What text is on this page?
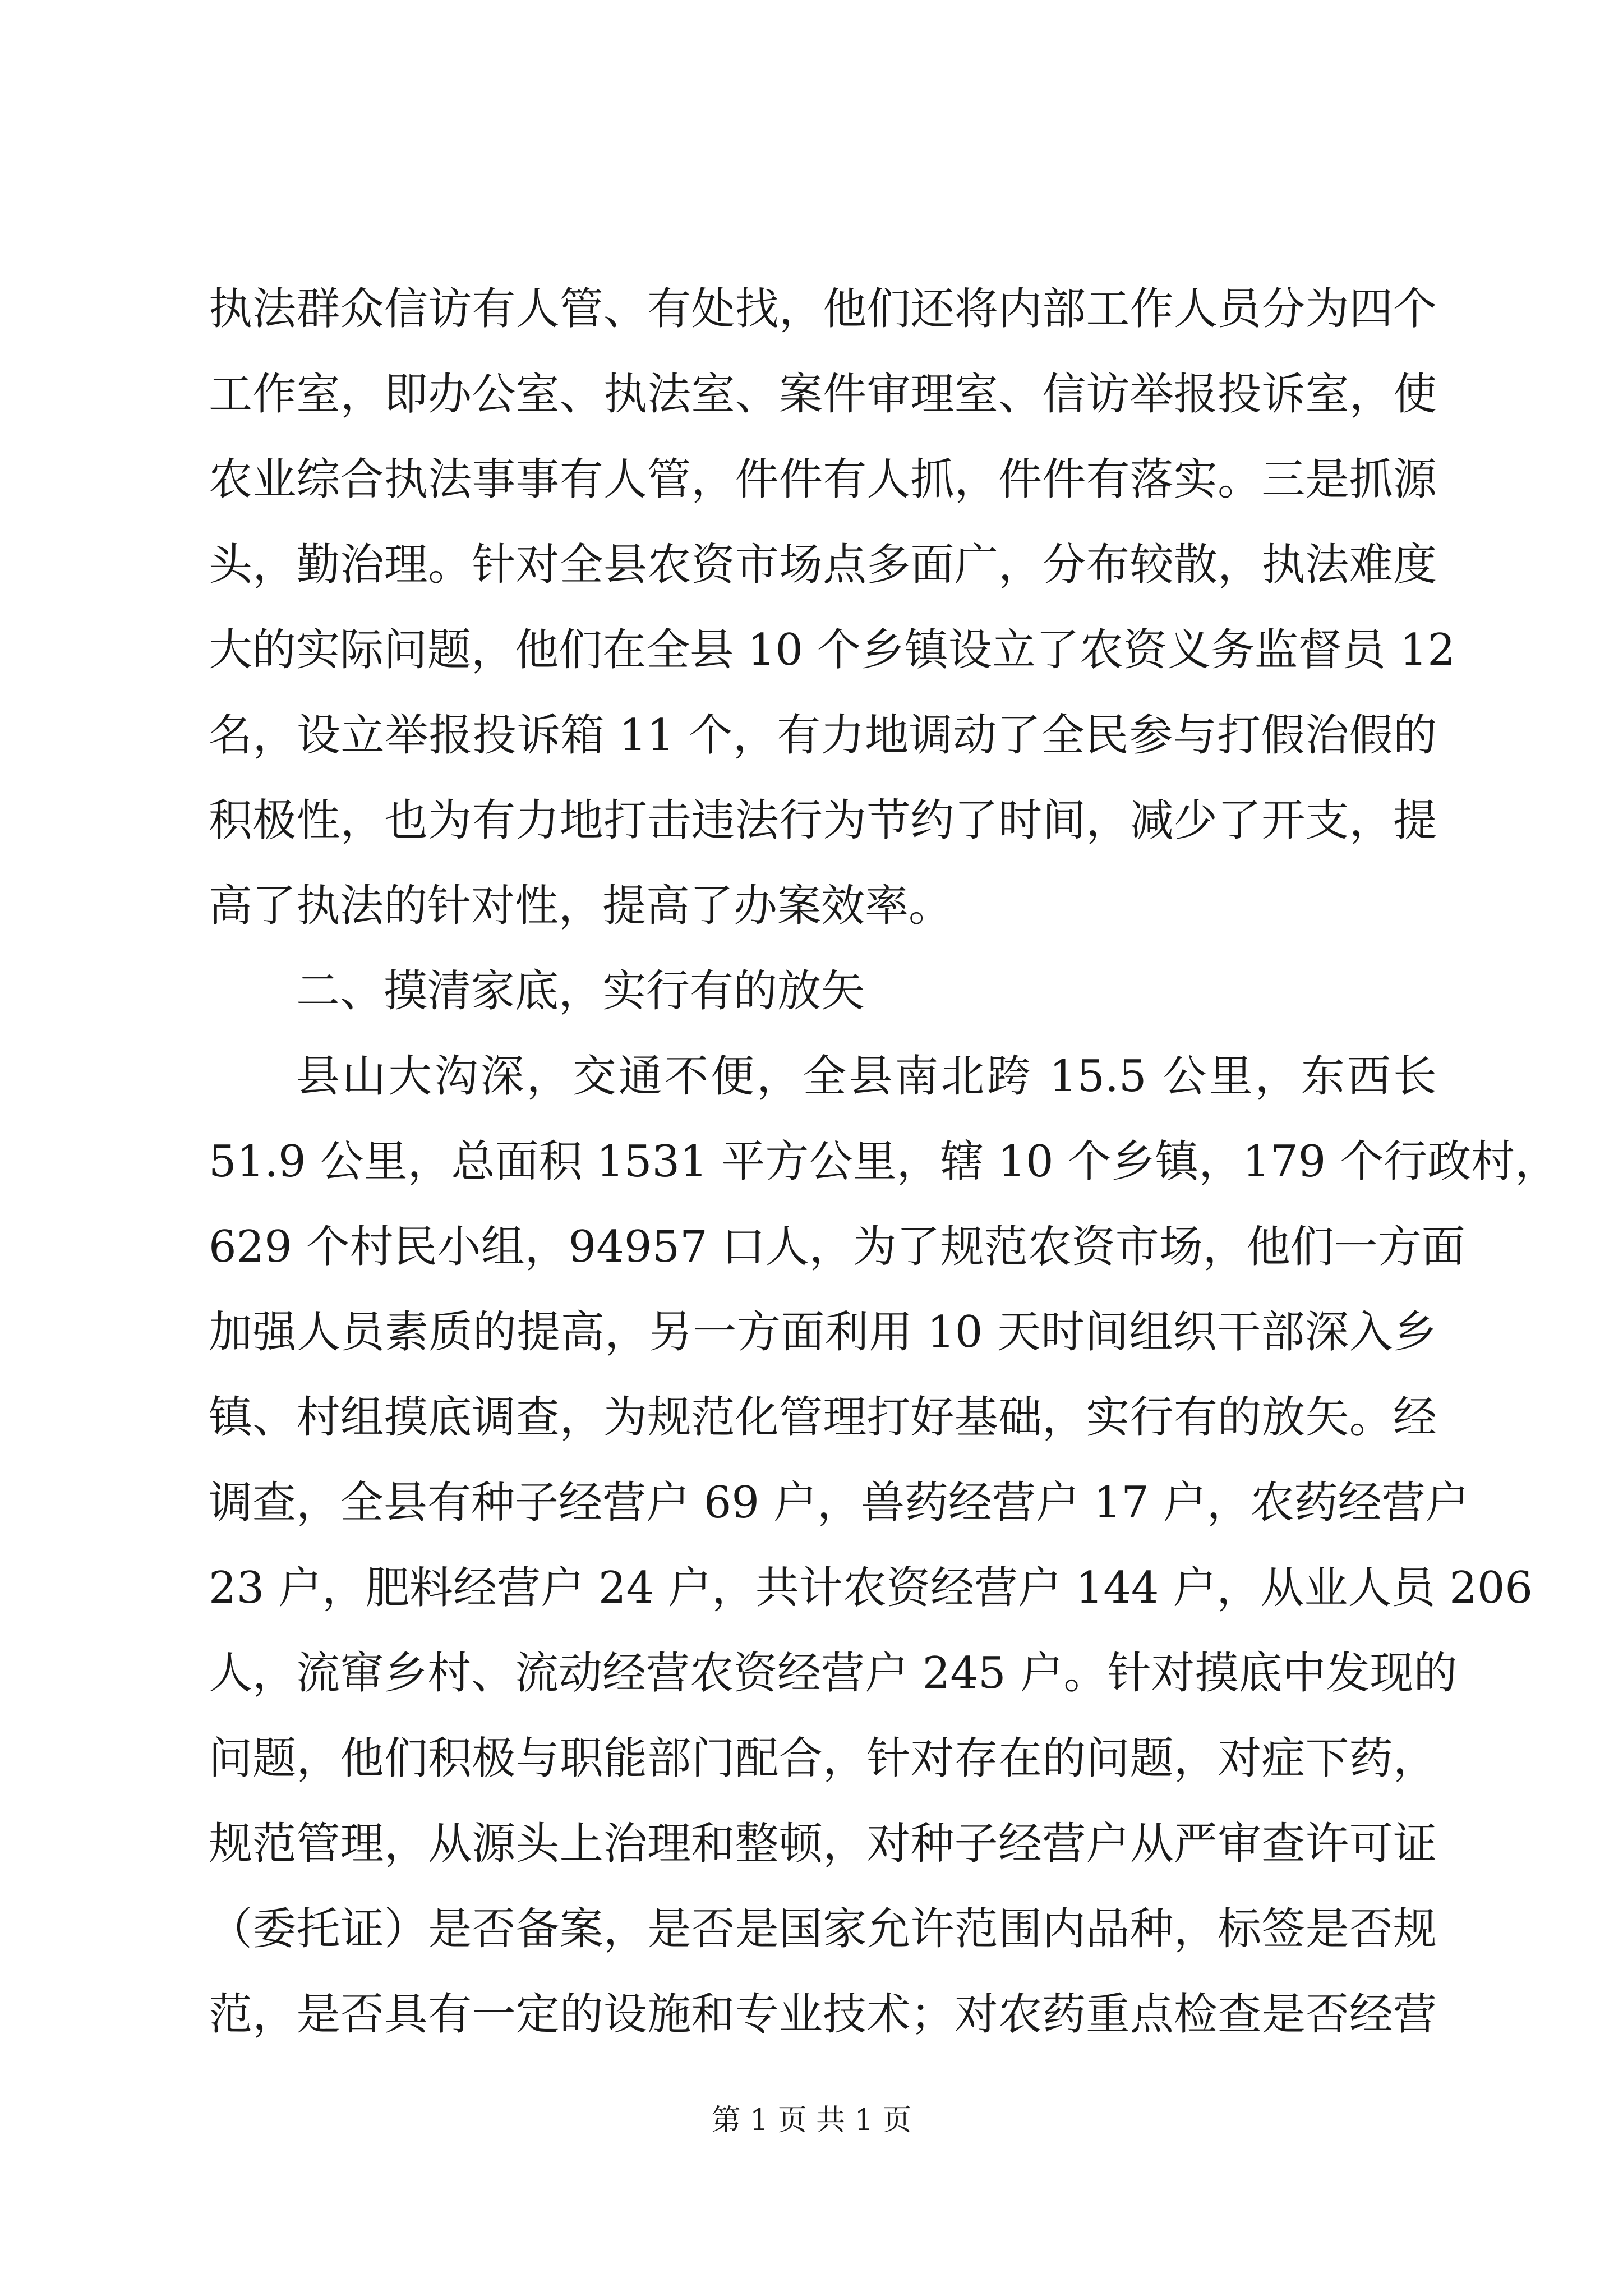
执法群众信访有人管、有处找，他们还将内部工作人员分为四个
工作室，即办公室、执法室、案件审理室、信访举报投诉室，使
农业综合执法事事有人管，件件有人抓，件件有落实。三是抓源
头，勤治理。针对全县农资市场点多面广，分布较散，执法难度
大的实际问题，他们在全县 10 个乡镇设立了农资义务监督员 12
名，设立举报投诉箱 11 个，有力地调动了全民参与打假治假的
积极性，也为有力地打击违法行为节约了时间，减少了开支，提
高了执法的针对性，提高了办案效率。
二、摸清家底，实行有的放矢
县山大沟深，交通不便，全县南北跨 15.5 公里，东西长
51.9 公里，总面积 1531 平方公里，辖 10 个乡镇，179 个行政村，
629 个村民小组，94957 口人，为了规范农资市场，他们一方面
加强人员素质的提高，另一方面利用 10 天时间组织干部深入乡
镇、村组摸底调查，为规范化管理打好基础，实行有的放矢。经
调查，全县有种子经营户 69 户，兽药经营户 17 户，农药经营户
23 户，肥料经营户 24 户，共计农资经营户 144 户，从业人员 206
人，流窜乡村、流动经营农资经营户 245 户。针对摸底中发现的
问题，他们积极与职能部门配合，针对存在的问题，对症下药，
规范管理，从源头上治理和整顿，对种子经营户从严审查许可证
（委托证）是否备案，是否是国家允许范围内品种，标签是否规
范，是否具有一定的设施和专业技术；对农药重点检查是否经营
第 1 页 共 1 页
